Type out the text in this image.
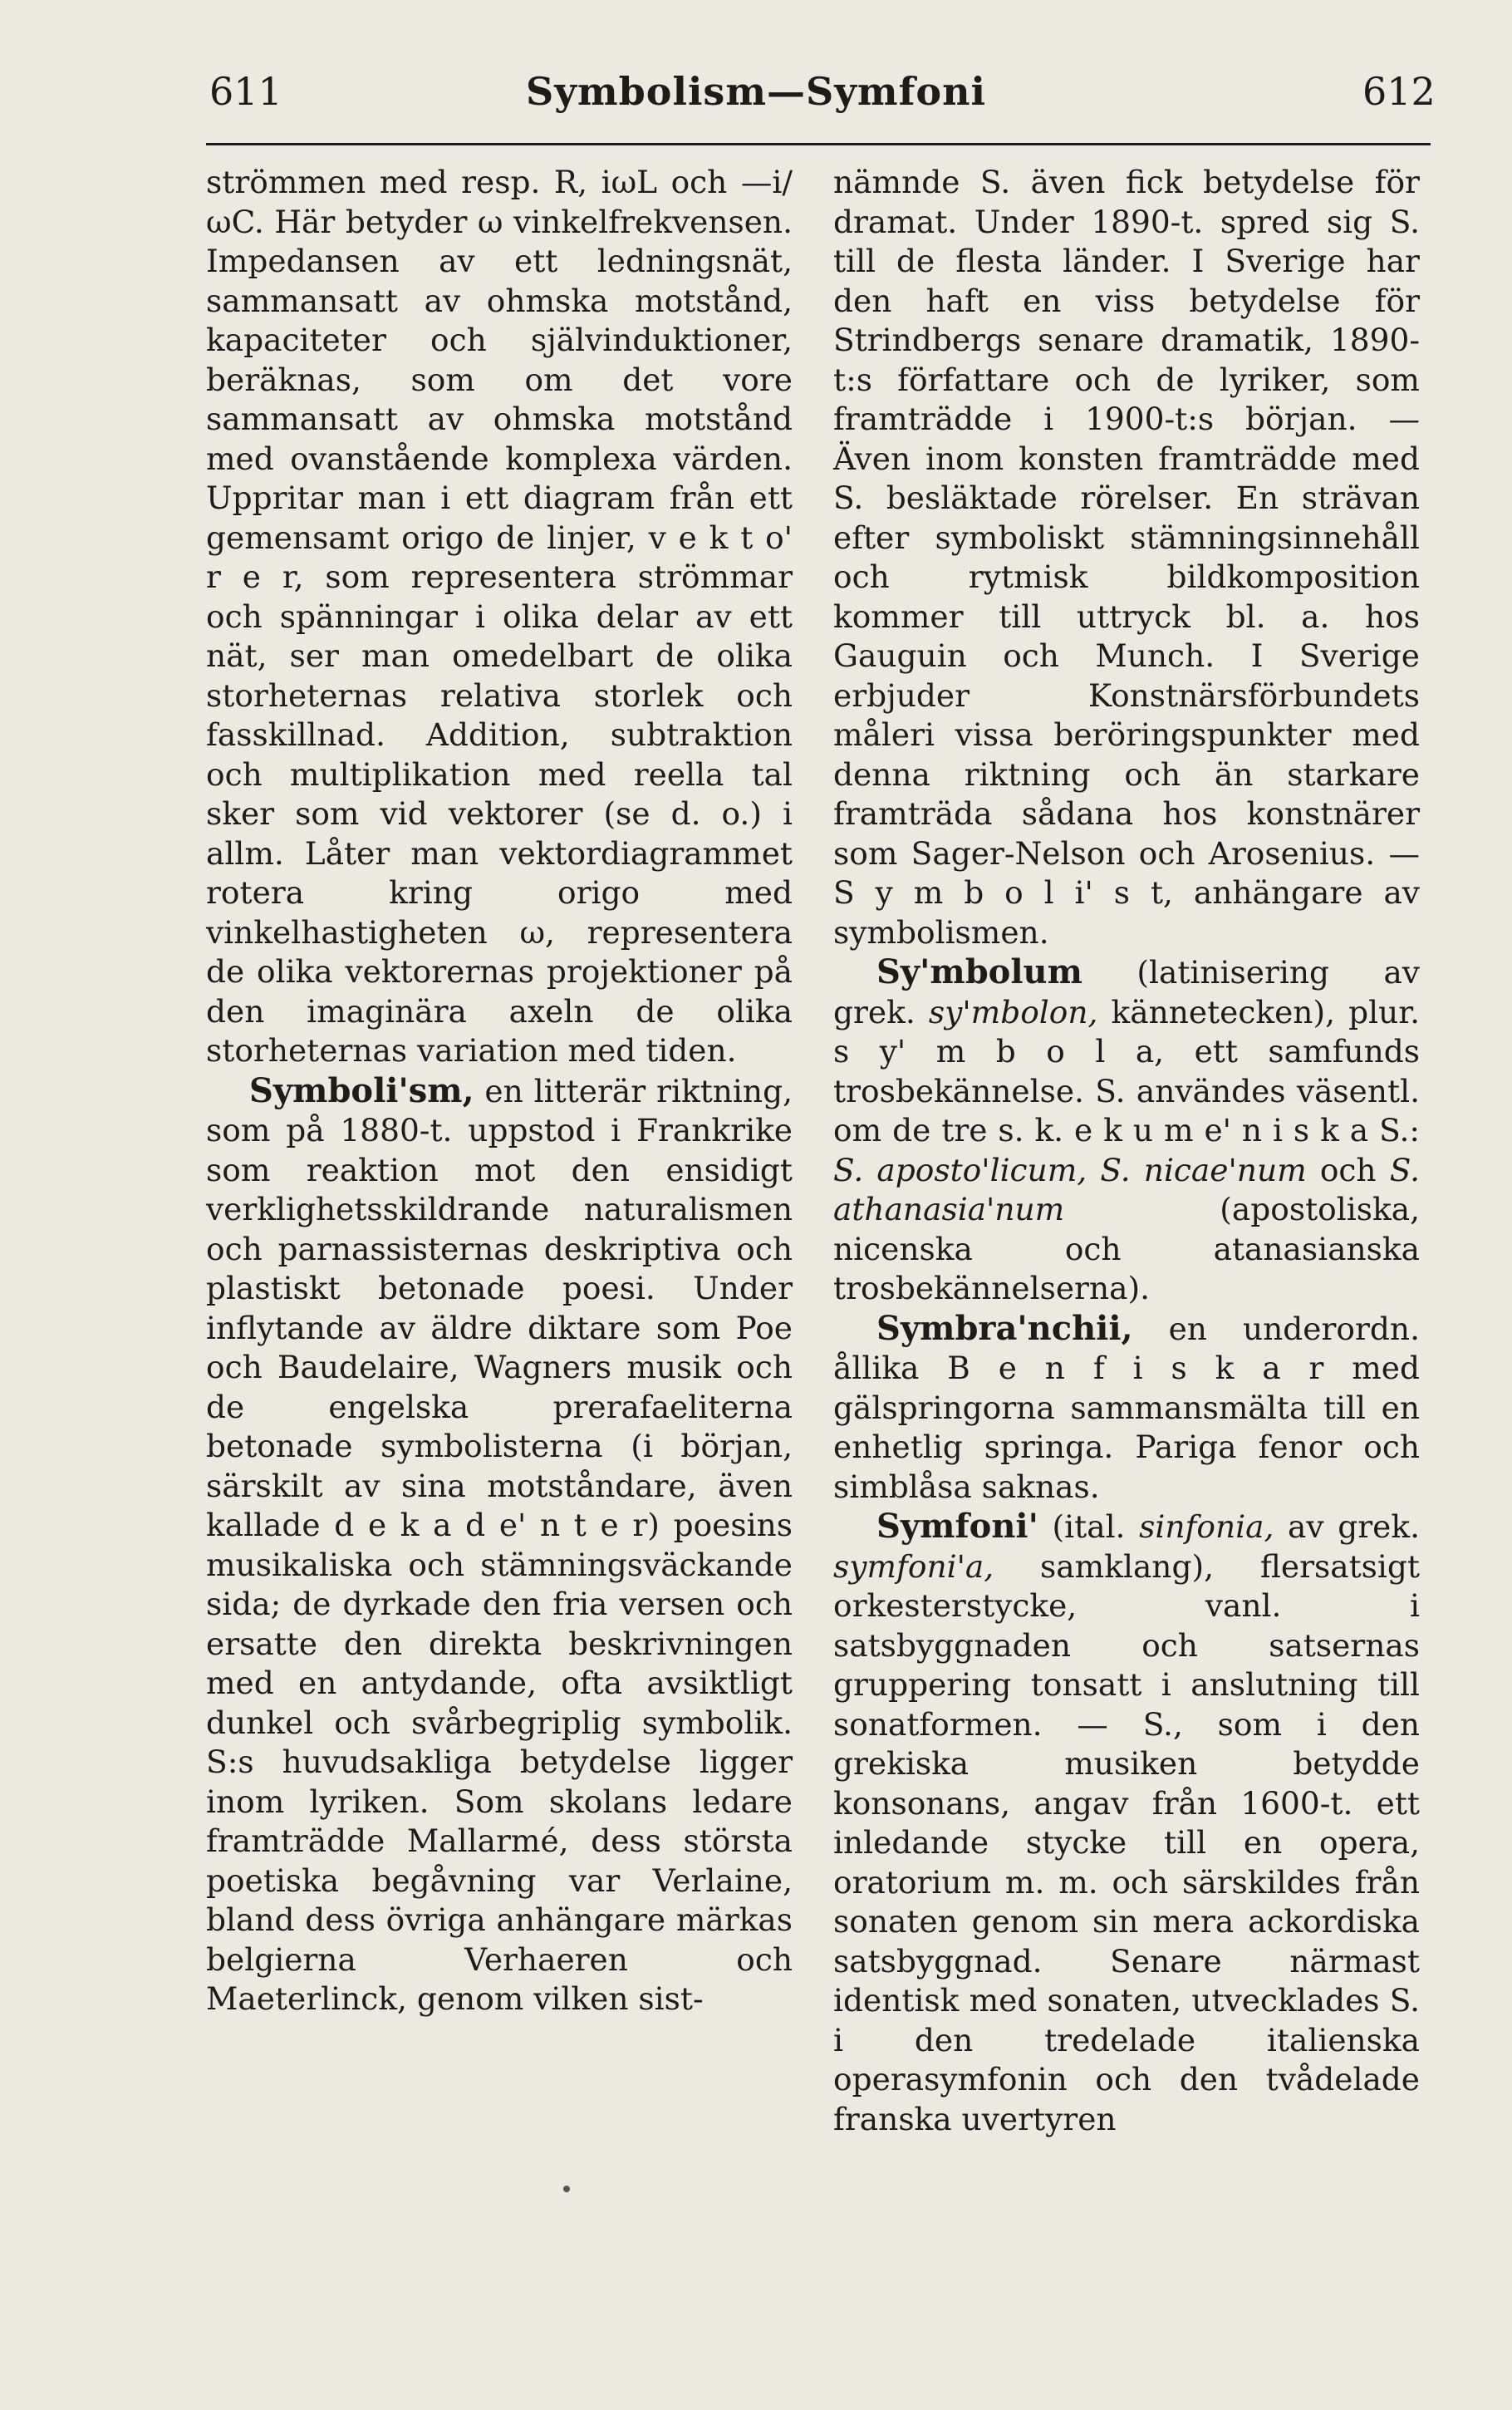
611	Symbolism—Symfoni	612

strömmen med resp. R, iωL och —i/ωC. Här betyder ω vinkelfrekvensen. Impedansen av ett ledningsnät, sammansatt av ohmska motstånd, kapaciteter och självinduktioner, beräknas, som om det vore sammansatt av ohmska motstånd med ovanstående komplexa värden. Uppritar man i ett diagram från ett gemensamt origo de linjer, v e k t o' r e r, som representera strömmar och spänningar i olika delar av ett nät, ser man omedelbart de olika storheternas relativa storlek och fasskillnad. Addition, subtraktion och multiplikation med reella tal sker som vid vektorer (se d. o.) i allm. Låter man vektordiagrammet rotera kring origo med vinkelhastigheten ω, representera de olika vektorernas projektioner på den imaginära axeln de olika storheternas variation med tiden.

Symboli'sm, en litterär riktning, som på 1880-t. uppstod i Frankrike som reaktion mot den ensidigt verklighetsskildrande naturalismen och parnassisternas deskriptiva och plastiskt betonade poesi. Under inflytande av äldre diktare som Poe och Baudelaire, Wagners musik och de engelska prerafaeliterna betonade symbolisterna (i början, särskilt av sina motståndare, även kallade d e k a d e' n t e r) poesins musikaliska och stämningsväckande sida; de dyrkade den fria versen och ersatte den direkta beskrivningen med en antydande, ofta avsiktligt dunkel och svårbegriplig symbolik. S:s huvudsakliga betydelse ligger inom lyriken. Som skolans ledare framträdde Mallarmé, dess största poetiska begåvning var Verlaine, bland dess övriga anhängare märkas belgierna Verhaeren och Maeterlinck, genom vilken sist-

nämnde S. även fick betydelse för dramat. Under 1890-t. spred sig S. till de flesta länder. I Sverige har den haft en viss betydelse för Strindbergs senare dramatik, 1890-t:s författare och de lyriker, som framträdde i 1900-t:s början. — Även inom konsten framträdde med S. besläktade rörelser. En strävan efter symboliskt stämningsinnehåll och rytmisk bildkomposition kommer till uttryck bl. a. hos Gauguin och Munch. I Sverige erbjuder Konstnärsförbundets måleri vissa beröringspunkter med denna riktning och än starkare framträda sådana hos konstnärer som Sager-Nelson och Arosenius. — S y m b o l i' s t, anhängare av symbolismen.

Sy'mbolum (latinisering av grek. sy'mbolon, kännetecken), plur. s y' m b o l a, ett samfunds trosbekännelse. S. användes väsentl. om de tre s. k. e k u m e' n i s k a S.: S. aposto'licum, S. nicae'num och S. athanasia'num (apostoliska, nicenska och atanasianska trosbekännelserna).

Symbra'nchii, en underordn. ållika B e n f i s k a r med gälspringorna sammansmälta till en enhetlig springa. Pariga fenor och simblåsa saknas.

Symfoni' (ital. sinfonia, av grek. symfoni'a, samklang), flersatsigt orkesterstycke, vanl. i satsbyggnaden och satsernas gruppering tonsatt i anslutning till sonatformen. — S., som i den grekiska musiken betydde konsonans, angav från 1600-t. ett inledande stycke till en opera, oratorium m. m. och särskildes från sonaten genom sin mera ackordiska satsbyggnad. Senare närmast identisk med sonaten, utvecklades S. i den tredelade italienska operasymfonin och den tvådelade franska uvertyren
